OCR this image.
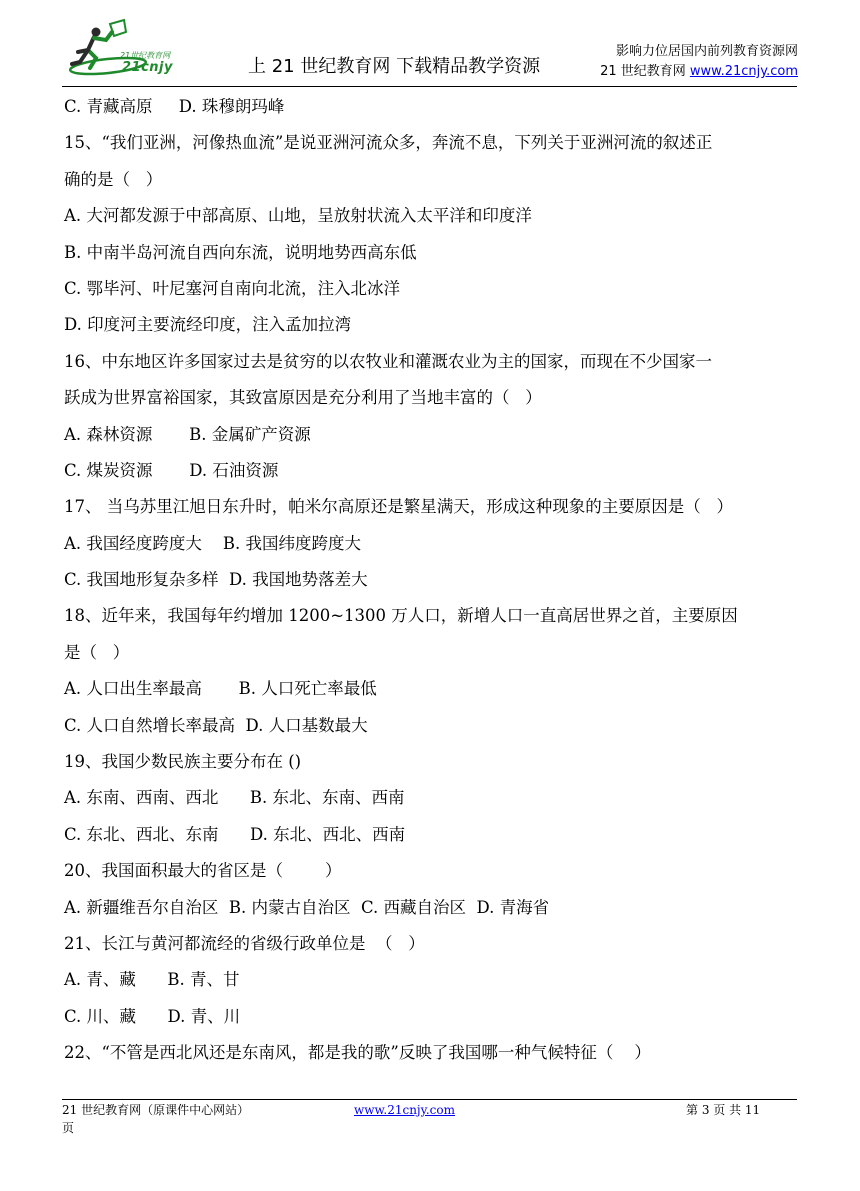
21世纪教育网
21cnjy	上 21 世纪教育网 下载精品教学资源
影响力位居国内前列教育资源网
21 世纪教育网 www.21cnjy.com
C. 青藏高原     D. 珠穆朗玛峰
15、“我们亚洲，河像热血流”是说亚洲河流众多，奔流不息，下列关于亚洲河流的叙述正
确的是（   ）
A. 大河都发源于中部高原、山地，呈放射状流入太平洋和印度洋
B. 中南半岛河流自西向东流，说明地势西高东低
C. 鄂毕河、叶尼塞河自南向北流，注入北冰洋
D. 印度河主要流经印度，注入孟加拉湾
16、中东地区许多国家过去是贫穷的以农牧业和灌溉农业为主的国家，而现在不少国家一
跃成为世界富裕国家，其致富原因是充分利用了当地丰富的（   ）
A. 森林资源       B. 金属矿产资源
C. 煤炭资源       D. 石油资源
17、 当乌苏里江旭日东升时，帕米尔高原还是繁星满天，形成这种现象的主要原因是（   ）
A. 我国经度跨度大    B. 我国纬度跨度大
C. 我国地形复杂多样  D. 我国地势落差大
18、近年来，我国每年约增加 1200~1300 万人口，新增人口一直高居世界之首，主要原因
是（   ）
A. 人口出生率最高       B. 人口死亡率最低
C. 人口自然增长率最高  D. 人口基数最大
19、我国少数民族主要分布在 ()
A. 东南、西南、西北      B. 东北、东南、西南
C. 东北、西北、东南      D. 东北、西北、西南
20、我国面积最大的省区是（        ）
A. 新疆维吾尔自治区  B. 内蒙古自治区  C. 西藏自治区  D. 青海省
21、长江与黄河都流经的省级行政单位是  （   ）
A. 青、藏      B. 青、甘
C. 川、藏      D. 青、川
22、“不管是西北风还是东南风，都是我的歌”反映了我国哪一种气候特征（    ）
21 世纪教育网（原课件中心网站）	www.21cnjy.com	第 3 页 共 11
页
